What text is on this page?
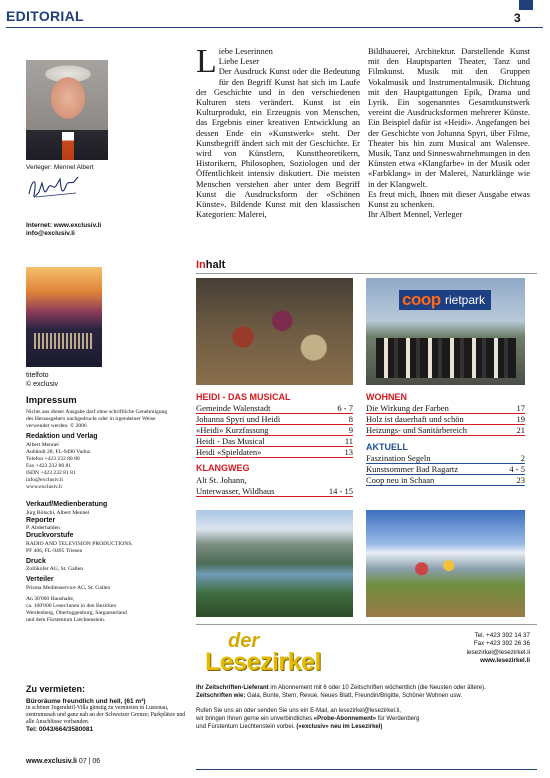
EDITORIAL	3
Verleger: Mennel Albert
Internet: www.exclusiv.li
info@exclusiv.li
titelfoto
© exclusiv
Impressum
Nichts aus dieser Ausgabe darf ohne schriftliche Genehmigung des Herausgebers nachgedruckt oder in irgendeiner Weise verwendet werden. © 2006
Redaktion und Verlag
Albert Mennel
Aubündt 28, FL-9490 Vaduz
Telefon +423 232 80 80
Fax +423 232 80 81
ISDN +423 232 81 81
info@exclusiv.li
www.exclusiv.li
Verkauf/Medienberatung
Jürg Bötschi, Albert Mennel
Reporter
P. Abderhalden
Druckvorstufe
RADIO AND TELEVISION PRODUCTIONS,
PF 406, FL-9495 Triesen
Druck
Zollikofer AG, St. Gallen
Verteiler
Prisma Medienservice AG, St. Gallen
An 30'000 Haushalte,
ca. 100'000 Leser/innen in den Bezirken
Werdenberg, Obertoggenburg, Sarganserland
und dem Fürstentum Liechtenstein.
Zu vermieten:
Büroräume freundlich und hell, (61 m²)
in schöner Jugendstil-Villa günstig zu vermieten in Lustenau, zentrumsnah und ganz nah an der Schweizer Grenze; Parkplätze und alle Anschlüsse vorhanden.
Tel: 0043/664/3580081
www.exclusiv.li 07 | 06
L iebe Leserinnen

Liebe Leser

Der Ausdruck Kunst oder die Bedeutung für den Begriff Kunst hat sich im Laufe der Geschichte und in den verschiedenen Kulturen stets verändert. Kunst ist ein Kulturprodukt, ein Erzeugnis von Menschen, das Ergebnis einer kreativen Entwicklung an dessen Ende ein «Kunstwerk» steht. Der Kunstbegriff ändert sich mit der Geschichte. Er wird von Künstlern, Kunsttheoretikern, Historikern, Philosophen, Soziologen und der Öffentlichkeit intensiv diskutiert. Die meisten Menschen verstehen aber unter dem Begriff Kunst die Ausdrucksform der «Schönen Künste». Bildende Kunst mit den klassischen Kategorien: Malerei,

Bildhauerei, Architektur. Darstellende Kunst mit den Hauptsparten Theater, Tanz und Filmkunst. Musik mit den Gruppen Vokalmusik und Instrumentalmusik. Dichtung mit den Hauptgattungen Epik, Drama und Lyrik. Ein sogenanntes Gesamtkunstwerk vereint die Ausdrucksformen mehrerer Künste. Ein Beispiel dafür ist «Heidi». Angefangen bei der Geschichte von Johanna Spyri, über Filme, Theater bis hin zum Musical am Walensee. Musik, Tanz und Sinneswahrnehmungen in den Künsten etwa «Klangfarbe» in der Musik oder «Farbklang» in der Malerei, Naturklänge wie in der Klangwelt.

Es freut mich, Ihnen mit dieser Ausgabe etwas Kunst zu schenken.

Ihr Albert Mennel, Verleger

Inhalt
coop rietpark
HEIDI - DAS MUSICAL
Gemeinde Walenstadt	6 - 7
Johanna Spyri und Heidi	8
«Heidi» Kurzfassung	9
Heidi - Das Musical	11
Heidi «Spieldaten»	13
KLANGWEG
Alt St. Johann,
Unterwasser, Wildhaus	14 - 15
WOHNEN
Die Wirkung der Farben	17
Holz ist dauerhaft und schön	19
Heizungs- und Sanitärbereich	21
AKTUELL
Faszination Segeln	2
Kunstsommer Bad Ragartz	4 - 5
Coop neu in Schaan	23
der
Lesezirkel
Tel. +423 392 14 37
Fax +423 392 26 36
lesezirkel@lesezirkel.li
www.lesezirkel.li
Ihr Zeitschriften-Lieferant im Abonnement mit 6 oder 10 Zeitschriften wöchentlich (die Neusten oder ältere).
Zeitschriften wie: Gala, Bunte, Stern, Revue, Neues Blatt, Freundin/Brigitte, Schöner Wohnen usw.
Rufen Sie uns an oder senden Sie uns ein E-Mail, an lesezirkel@lesezirkel.li,
wir bringen Ihnen gerne ein unverbindliches «Probe-Abonnement» für Werdenberg
und Fürstentum Liechtenstein vorbei. («exclusiv» neu im Lesezirkel)
